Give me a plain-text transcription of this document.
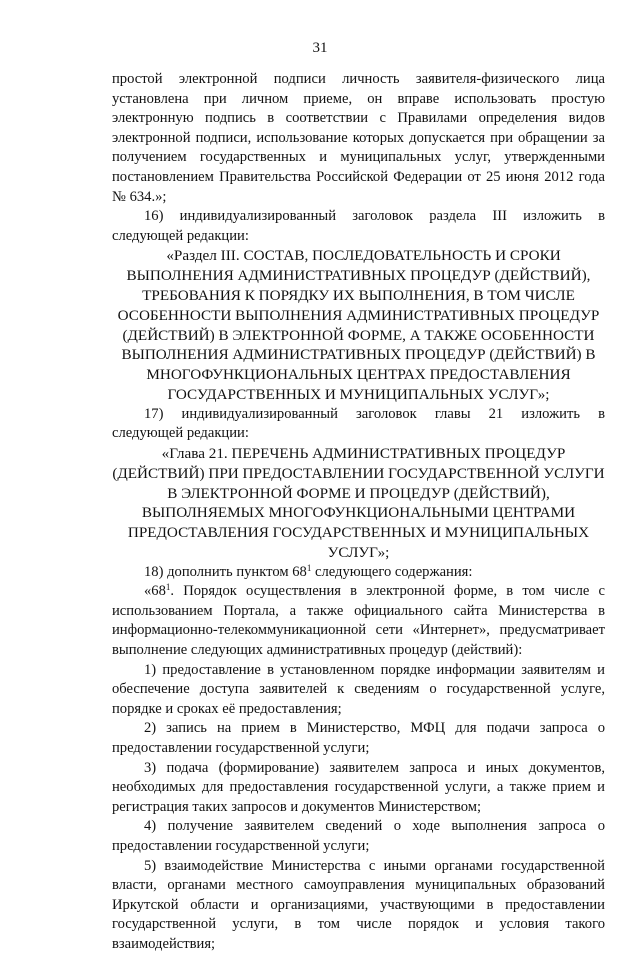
31

простой электронной подписи личность заявителя-физического лица установлена при личном приеме, он вправе использовать простую электронную подпись в соответствии с Правилами определения видов электронной подписи, использование которых допускается при обращении за получением государственных и муниципальных услуг, утвержденными постановлением Правительства Российской Федерации от 25 июня 2012 года № 634.»;

16) индивидуализированный заголовок раздела III изложить в

следующей редакции:

«Раздел III. СОСТАВ, ПОСЛЕДОВАТЕЛЬНОСТЬ И СРОКИ ВЫПОЛНЕНИЯ АДМИНИСТРАТИВНЫХ ПРОЦЕДУР (ДЕЙСТВИЙ), ТРЕБОВАНИЯ К ПОРЯДКУ ИХ ВЫПОЛНЕНИЯ, В ТОМ ЧИСЛЕ ОСОБЕННОСТИ ВЫПОЛНЕНИЯ АДМИНИСТРАТИВНЫХ ПРОЦЕДУР (ДЕЙСТВИЙ) В ЭЛЕКТРОННОЙ ФОРМЕ, А ТАКЖЕ ОСОБЕННОСТИ ВЫПОЛНЕНИЯ АДМИНИСТРАТИВНЫХ ПРОЦЕДУР (ДЕЙСТВИЙ) В МНОГОФУНКЦИОНАЛЬНЫХ ЦЕНТРАХ ПРЕДОСТАВЛЕНИЯ ГОСУДАРСТВЕННЫХ И МУНИЦИПАЛЬНЫХ УСЛУГ»;

17) индивидуализированный заголовок главы 21 изложить в

следующей редакции:

«Глава 21. ПЕРЕЧЕНЬ АДМИНИСТРАТИВНЫХ ПРОЦЕДУР (ДЕЙСТВИЙ) ПРИ ПРЕДОСТАВЛЕНИИ ГОСУДАРСТВЕННОЙ УСЛУГИ В ЭЛЕКТРОННОЙ ФОРМЕ И ПРОЦЕДУР (ДЕЙСТВИЙ), ВЫПОЛНЯЕМЫХ МНОГОФУНКЦИОНАЛЬНЫМИ ЦЕНТРАМИ ПРЕДОСТАВЛЕНИЯ ГОСУДАРСТВЕННЫХ И МУНИЦИПАЛЬНЫХ УСЛУГ»;

18) дополнить пунктом $68^1$ следующего содержания:

«$68^1$. Порядок осуществления в электронной форме, в том числе с использованием Портала, а также официального сайта Министерства в информационно-телекоммуникационной сети «Интернет», предусматривает выполнение следующих административных процедур (действий):

1) предоставление в установленном порядке информации заявителям и обеспечение доступа заявителей к сведениям о государственной услуге, порядке и сроках её предоставления;

2) запись на прием в Министерство, МФЦ для подачи запроса о предоставлении государственной услуги;

3) подача (формирование) заявителем запроса и иных документов, необходимых для предоставления государственной услуги, а также прием и регистрация таких запросов и документов Министерством;

4) получение заявителем сведений о ходе выполнения запроса о предоставлении государственной услуги;

5) взаимодействие Министерства с иными органами государственной власти, органами местного самоуправления муниципальных образований Иркутской области и организациями, участвующими в предоставлении государственной услуги, в том числе порядок и условия такого взаимодействия;
